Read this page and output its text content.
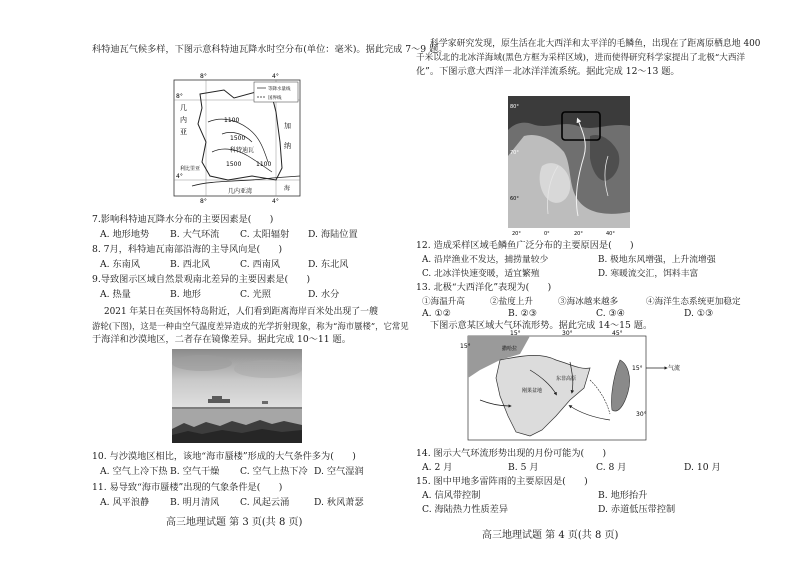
科特迪瓦气候多样，下图示意科特迪瓦降水时空分布(单位：毫米)。据此完成 7～9 题。
等降水量线
国界线
8°	4°
8°	4°
8°
4°
几
内
亚
加
纳
1100
1500
科特迪瓦
1500 1100
利比里亚
几内亚湾	海
7.影响科特迪瓦降水分布的主要因素是(　　)
A. 地形地势 B. 大气环流 C. 太阳辐射 D. 海陆位置
8. 7月，科特迪瓦南部沿海的主导风向是(　　)
A. 东南风	B. 西北风	C. 西南风	D. 东北风
9.导致图示区域自然景观南北差异的主要因素是(　　)
A. 热量	B. 地形	C. 光照	D. 水分
2021 年某日在英国怀特岛附近，人们看到距离海岸百米处出现了一艘
游轮(下图)，这是一种由空气温度差异造成的光学折射现象，称为“海市蜃楼”，它常见
于海洋和沙漠地区，二者存在镜像差异。据此完成 10～11 题。
10. 与沙漠地区相比，该地“海市蜃楼”形成的大气条件多为(　　)
A. 空气上冷下热 B. 空气干燥 C. 空气上热下冷 D. 空气湿润
11. 易导致“海市蜃楼”出现的气象条件是(　　)
A. 风平浪静 B. 明月清风 C. 风起云涌	D. 秋风萧瑟
高三地理试题 第 3 页(共 8 页)
科学家研究发现，原生活在北大西洋和太平洋的毛鳞鱼，出现在了距离原栖息地 400
千米以北的北冰洋海域(黑色方框为采样区域)，进而使得研究科学家提出了北极“大西洋
化”。下图示意大西洋－北冰洋洋流系统。据此完成 12～13 题。
80°
70°
60°
20°	0°	20°	40°
12. 造成采样区域毛鳞鱼广泛分布的主要原因是(　　)
A. 沿岸渔业不发达，捕捞量较少	B. 极地东风增强，上升流增强
C. 北冰洋快速变暖，适宜繁殖	D. 寒暖流交汇，饵料丰富
13. 北极“大西洋化”表现为(　　)
①海温升高	②盐度上升	③海冰越来越多	④海洋生态系统更加稳定
A. ①②	B. ②③	C. ③④	D. ①③
下图示意某区域大气环流形势。据此完成 14～15 题。
15°	30°	45°
15°	气流
30°
15°	撒哈拉
东非高原
刚果盆地
14. 图示大气环流形势出现的月份可能为(　　)
A. 2 月	B. 5 月	C. 8 月	D. 10 月
15. 图中甲地多雷阵雨的主要原因是(　　)
A. 信风带控制	B. 地形抬升
C. 海陆热力性质差异	D. 赤道低压带控制
高三地理试题 第 4 页(共 8 页)
